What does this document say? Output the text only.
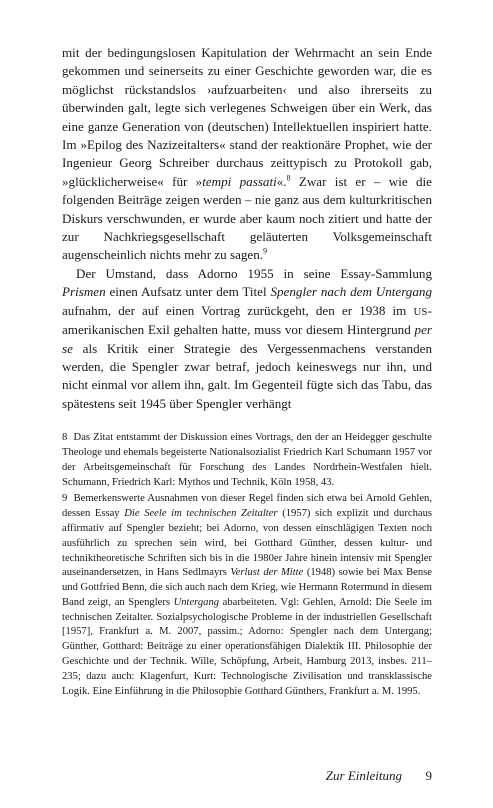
mit der bedingungslosen Kapitulation der Wehrmacht an sein Ende gekommen und seinerseits zu einer Geschichte geworden war, die es möglichst rückstandslos ›aufzuarbeiten‹ und also ihrerseits zu überwinden galt, legte sich verlegenes Schweigen über ein Werk, das eine ganze Generation von (deutschen) Intellektuellen inspiriert hatte. Im »Epilog des Nazizeitalters« stand der reaktionäre Prophet, wie der Ingenieur Georg Schreiber durchaus zeittypisch zu Protokoll gab, »glücklicherweise« für »tempi passati«.$^8$ Zwar ist er – wie die folgenden Beiträge zeigen werden – nie ganz aus dem kulturkritischen Diskurs verschwunden, er wurde aber kaum noch zitiert und hatte der zur Nachkriegsgesellschaft geläuterten Volksgemeinschaft augenscheinlich nichts mehr zu sagen.$^9$

Der Umstand, dass Adorno 1955 in seine Essay-Sammlung Prismen einen Aufsatz unter dem Titel Spengler nach dem Untergang aufnahm, der auf einen Vortrag zurückgeht, den er 1938 im US-amerikanischen Exil gehalten hatte, muss vor diesem Hintergrund per se als Kritik einer Strategie des Vergessenmachens verstanden werden, die Spengler zwar betraf, jedoch keineswegs nur ihn, und nicht einmal vor allem ihn, galt. Im Gegenteil fügte sich das Tabu, das spätestens seit 1945 über Spengler verhängt

8 Das Zitat entstammt der Diskussion eines Vortrags, den der an Heidegger geschulte Theologe und ehemals begeisterte Nationalsozialist Friedrich Karl Schumann 1957 vor der Arbeitsgemeinschaft für Forschung des Landes Nordrhein-Westfalen hielt. Schumann, Friedrich Karl: Mythos und Technik, Köln 1958, 43.

9 Bemerkenswerte Ausnahmen von dieser Regel finden sich etwa bei Arnold Gehlen, dessen Essay Die Seele im technischen Zeitalter (1957) sich explizit und durchaus affirmativ auf Spengler bezieht; bei Adorno, von dessen einschlägigen Texten noch ausführlich zu sprechen sein wird, bei Gotthard Günther, dessen kultur- und techniktheoretische Schriften sich bis in die 1980er Jahre hinein intensiv mit Spengler auseinandersetzen, in Hans Sedlmayrs Verlust der Mitte (1948) sowie bei Max Bense und Gottfried Benn, die sich auch nach dem Krieg, wie Hermann Rotermund in diesem Band zeigt, an Spenglers Untergang abarbeiteten. Vgl: Gehlen, Arnold: Die Seele im technischen Zeitalter. Sozialpsychologische Probleme in der industriellen Gesellschaft [1957], Frankfurt a. M. 2007, passim.; Adorno: Spengler nach dem Untergang; Günther, Gotthard: Beiträge zu einer operationsfähigen Dialektik III. Philosophie der Geschichte und der Technik. Wille, Schöpfung, Arbeit, Hamburg 2013, insbes. 211–235; dazu auch: Klagenfurt, Kurt: Technologische Zivilisation und transklassische Logik. Eine Einführung in die Philosophie Gotthard Günthers, Frankfurt a. M. 1995.

Zur Einleitung 9
